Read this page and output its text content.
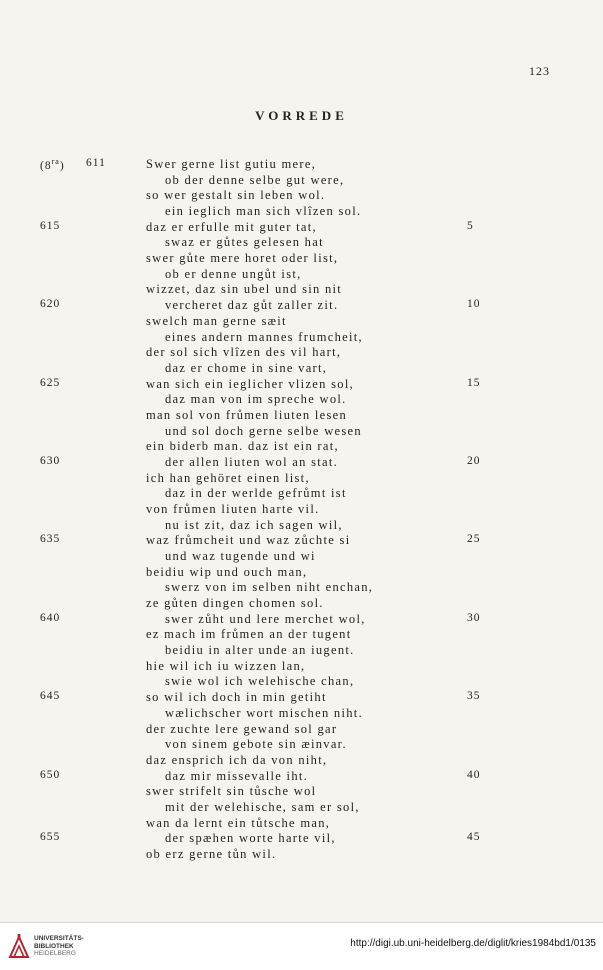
123
VORREDE
$(8^{ra})$ 611	Swer gerne list gutiu mere,
ob der denne selbe gut were,
so wer gestalt sin leben wol.
ein ieglich man sich vlîzen sol.
615	daz er erfulle mit guter tat,	5
swaz er gůtes gelesen hat
swer gůte mere horet oder list,
ob er denne ungůt ist,
wizzet, daz sin ubel und sin nit
620	vercheret daz gůt zaller zit.	10
swelch man gerne sæit
eines andern mannes frumcheit,
der sol sich vlîzen des vil hart,
daz er chome in sine vart,
625	wan sich ein ieglicher vlizen sol,	15
daz man von im spreche wol.
man sol von frůmen liuten lesen
und sol doch gerne selbe wesen
ein biderb man. daz ist ein rat,
630	der allen liuten wol an stat.	20
ich han gehöret einen list,
daz in der werlde gefrůmt ist
von frůmen liuten harte vil.
nu ist zit, daz ich sagen wil,
635	waz frůmcheit und waz zůchte si	25
und waz tugende und wi
beidiu wip und ouch man,
swerz von im selben niht enchan,
ze gůten dingen chomen sol.
640	swer zůht und lere merchet wol,	30
ez mach im frůmen an der tugent
beidiu in alter unde an iugent.
hie wil ich iu wizzen lan,
swie wol ich welehische chan,
645	so wil ich doch in min getiht	35
wælichscher wort mischen niht.
der zuchte lere gewand sol gar
von sinem gebote sin æinvar.
daz ensprich ich da von niht,
650	daz mir missevalle iht.	40
swer strifelt sin tůsche wol
mit der welehische, sam er sol,
wan da lernt ein tůtsche man,
655	der spæhen worte harte vil,	45
ob erz gerne tůn wil.
UNIVERSITÄTS-
BIBLIOTHEK
HEIDELBERG
http://digi.ub.uni-heidelberg.de/diglit/kries1984bd1/0135
